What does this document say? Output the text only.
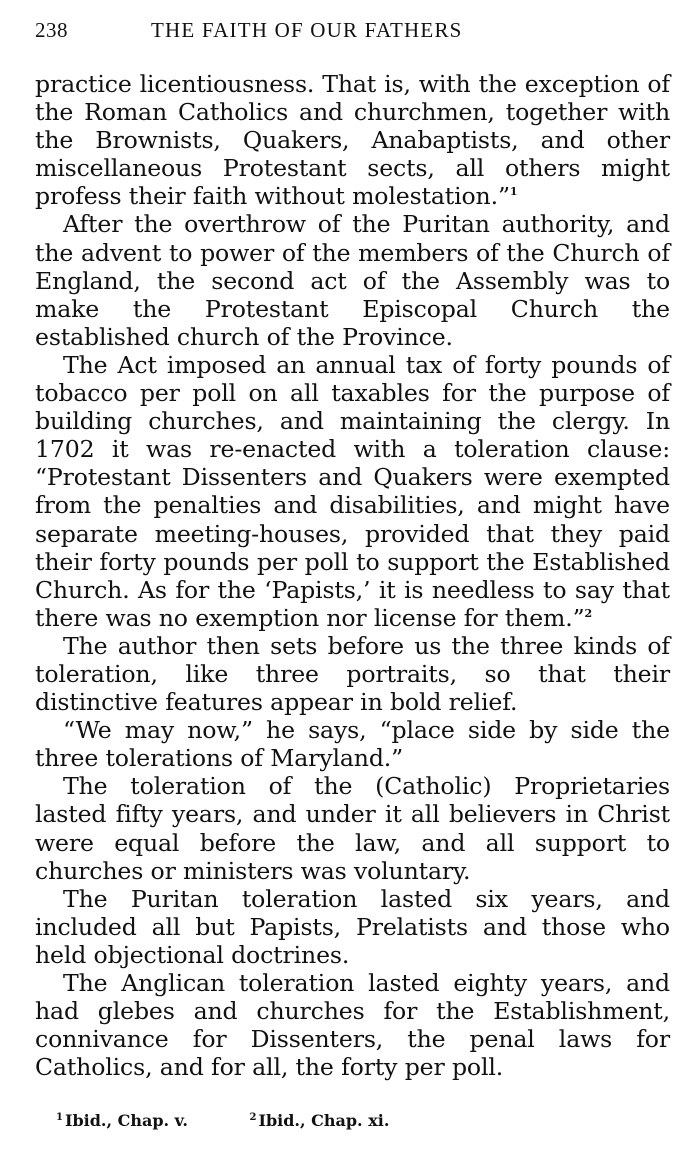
238	THE FAITH OF OUR FATHERS

practice licentiousness. That is, with the exception of the Roman Catholics and churchmen, together with the Brownists, Quakers, Anabaptists, and other miscellaneous Protestant sects, all others might profess their faith without molestation.”$^1$

After the overthrow of the Puritan authority, and the advent to power of the members of the Church of England, the second act of the Assembly was to make the Protestant Episcopal Church the established church of the Province.

The Act imposed an annual tax of forty pounds of tobacco per poll on all taxables for the purpose of building churches, and maintaining the clergy. In 1702 it was re-enacted with a toleration clause: “Protestant Dissenters and Quakers were exempted from the penalties and disabilities, and might have separate meeting-houses, provided that they paid their forty pounds per poll to support the Established Church. As for the ‘Papists,’ it is needless to say that there was no exemption nor license for them.”$^2$

The author then sets before us the three kinds of toleration, like three portraits, so that their distinctive features appear in bold relief.

“We may now,” he says, “place side by side the three tolerations of Maryland.”

The toleration of the (Catholic) Proprietaries lasted fifty years, and under it all believers in Christ were equal before the law, and all support to churches or ministers was voluntary.

The Puritan toleration lasted six years, and included all but Papists, Prelatists and those who held objectional doctrines.

The Anglican toleration lasted eighty years, and had glebes and churches for the Establishment, connivance for Dissenters, the penal laws for Catholics, and for all, the forty per poll.

$^1$ Ibid., Chap. v.	$^2$ Ibid., Chap. xi.
